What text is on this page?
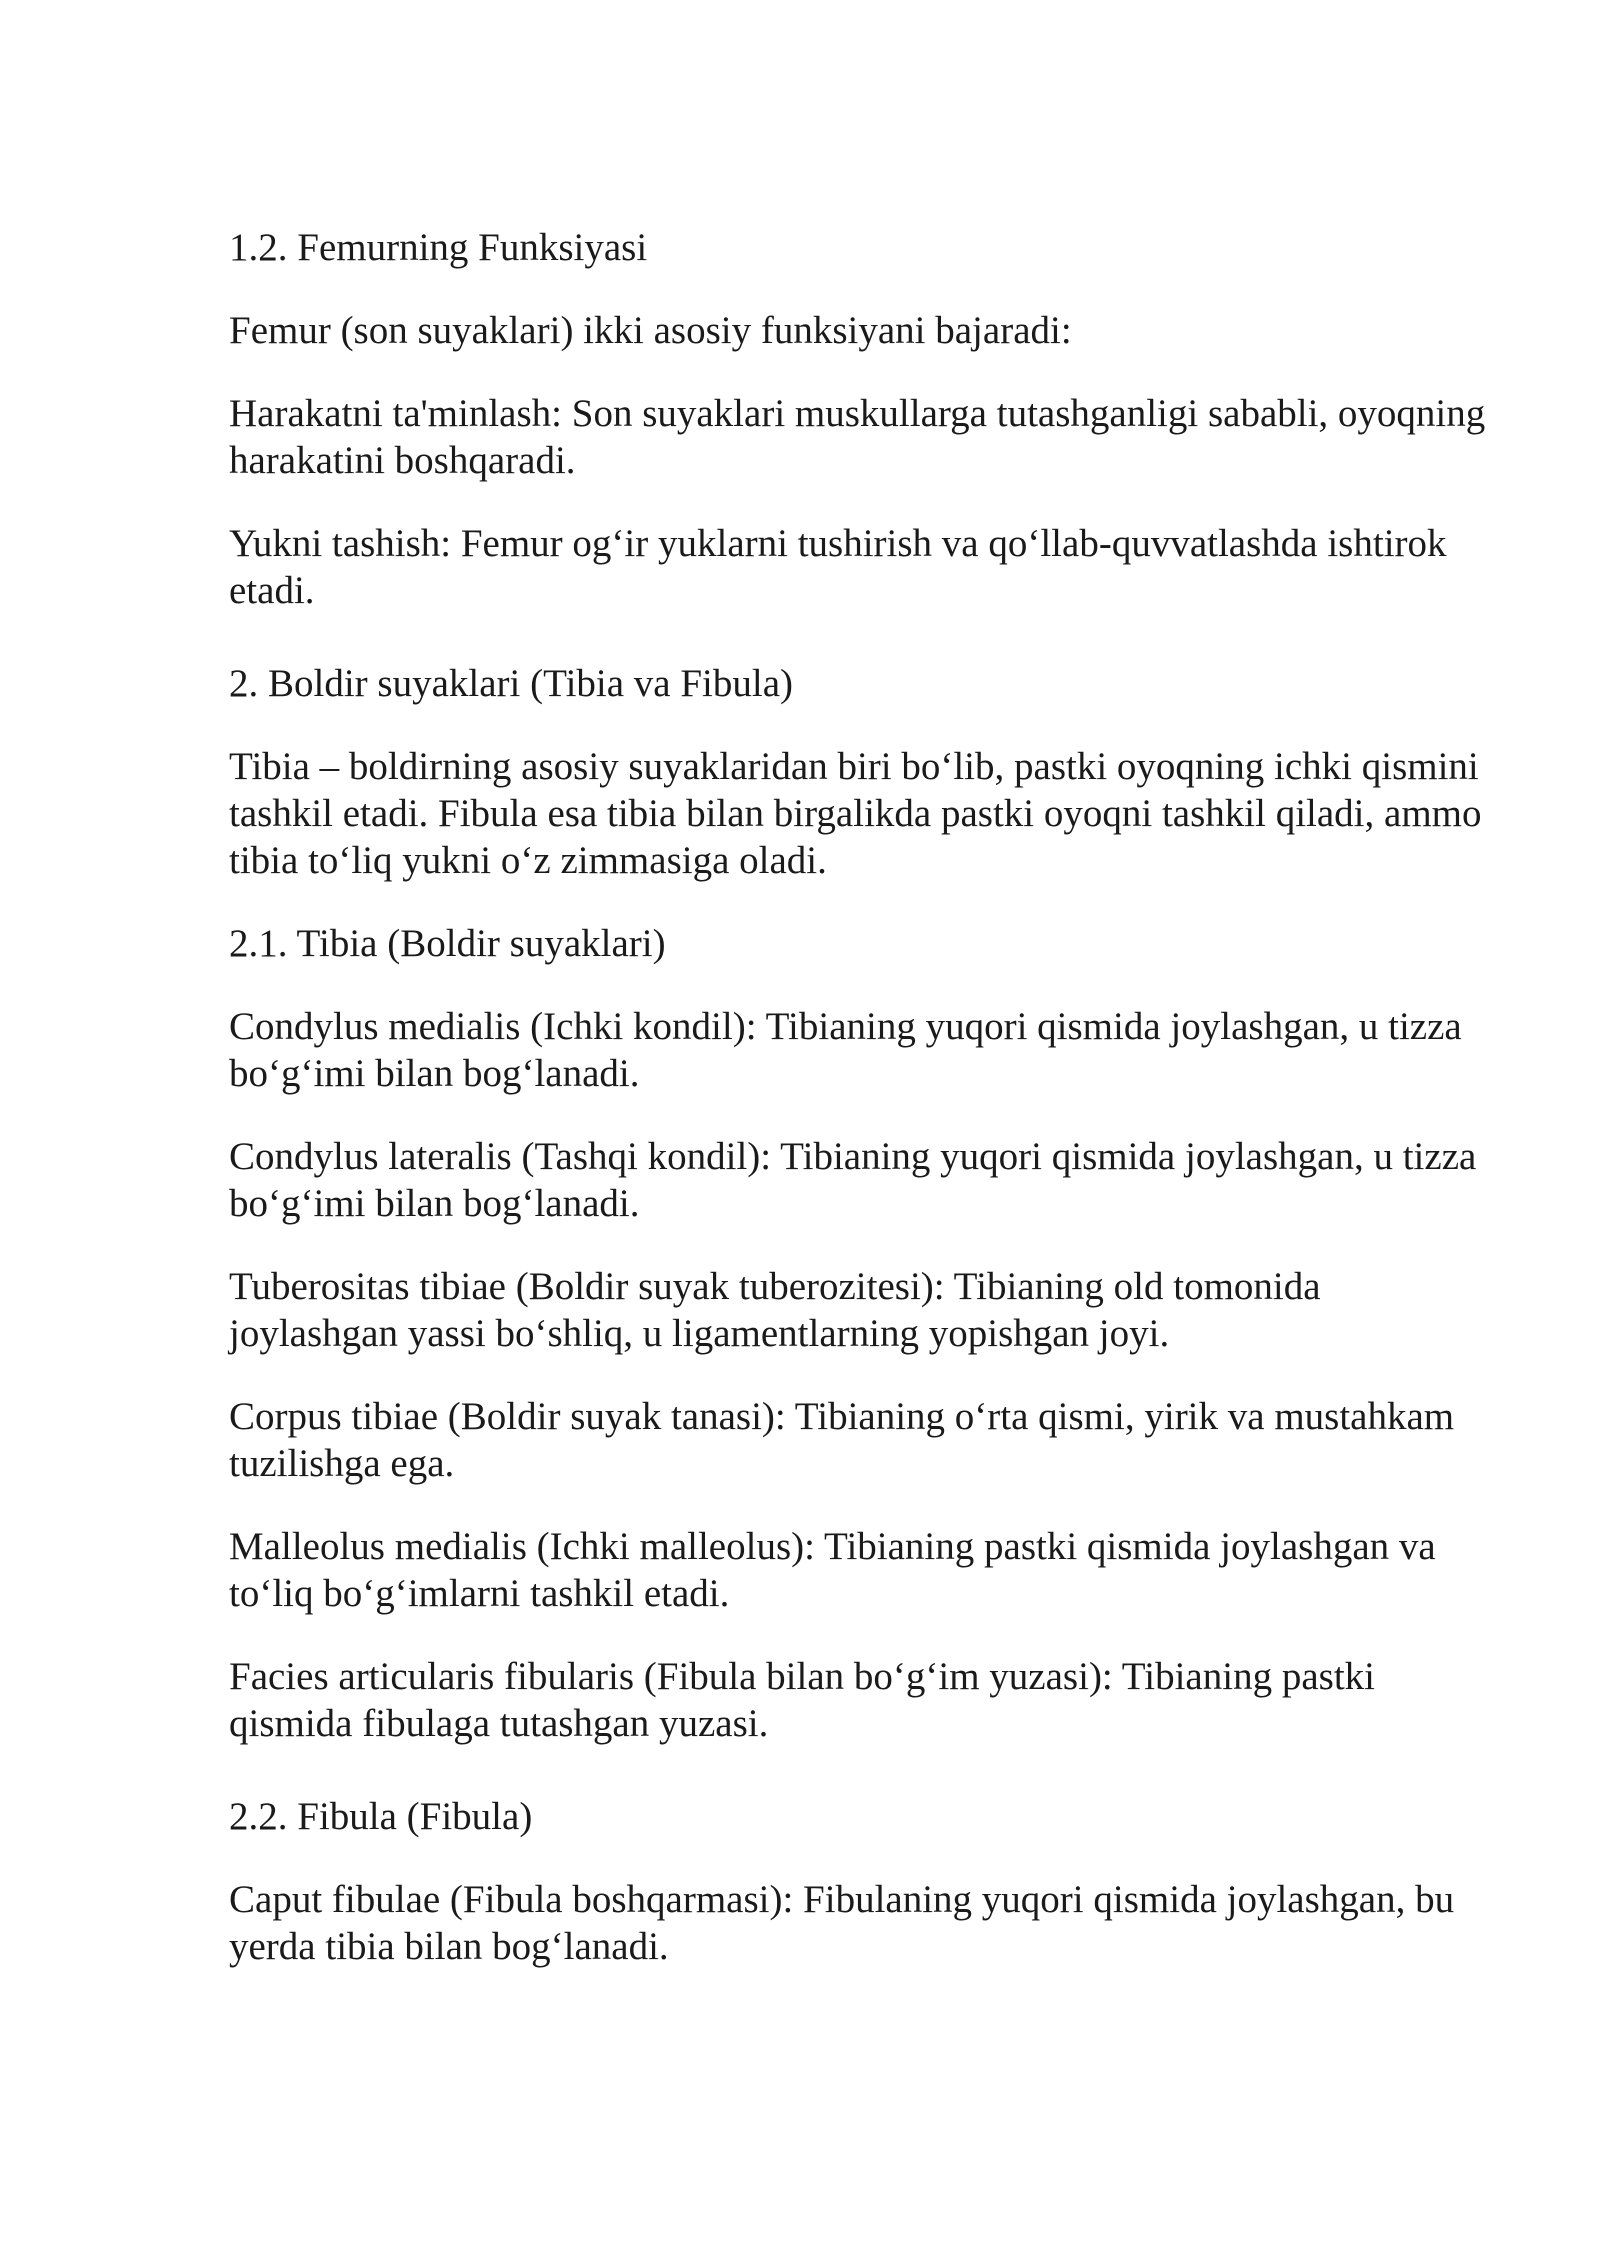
1.2. Femurning Funksiyasi

Femur (son suyaklari) ikki asosiy funksiyani bajaradi:

Harakatni ta'minlash: Son suyaklari muskullarga tutashganligi sababli, oyoqning harakatini boshqaradi.

Yukni tashish: Femur og‘ir yuklarni tushirish va qo‘llab-quvvatlashda ishtirok etadi.

2. Boldir suyaklari (Tibia va Fibula)

Tibia – boldirning asosiy suyaklaridan biri bo‘lib, pastki oyoqning ichki qismini tashkil etadi. Fibula esa tibia bilan birgalikda pastki oyoqni tashkil qiladi, ammo tibia to‘liq yukni o‘z zimmasiga oladi.

2.1. Tibia (Boldir suyaklari)

Condylus medialis (Ichki kondil): Tibianing yuqori qismida joylashgan, u tizza bo‘g‘imi bilan bog‘lanadi.

Condylus lateralis (Tashqi kondil): Tibianing yuqori qismida joylashgan, u tizza bo‘g‘imi bilan bog‘lanadi.

Tuberositas tibiae (Boldir suyak tuberozitesi): Tibianing old tomonida joylashgan yassi bo‘shliq, u ligamentlarning yopishgan joyi.

Corpus tibiae (Boldir suyak tanasi): Tibianing o‘rta qismi, yirik va mustahkam tuzilishga ega.

Malleolus medialis (Ichki malleolus): Tibianing pastki qismida joylashgan va to‘liq bo‘g‘imlarni tashkil etadi.

Facies articularis fibularis (Fibula bilan bo‘g‘im yuzasi): Tibianing pastki qismida fibulaga tutashgan yuzasi.

2.2. Fibula (Fibula)

Caput fibulae (Fibula boshqarmasi): Fibulaning yuqori qismida joylashgan, bu yerda tibia bilan bog‘lanadi.
